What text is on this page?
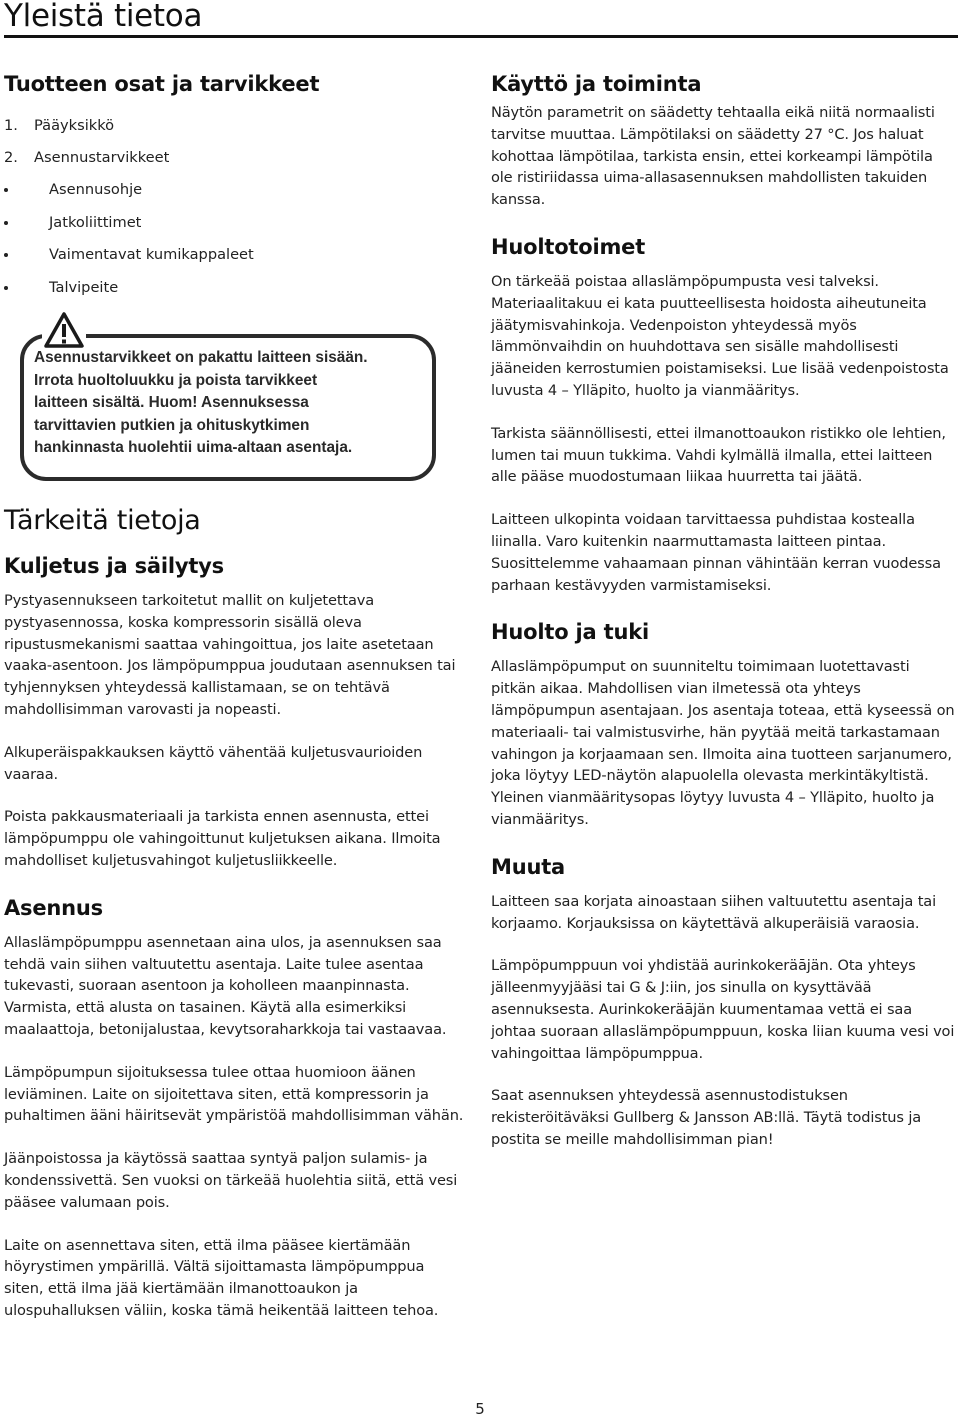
Yleistä tietoa
Tuotteen osat ja tarvikkeet
1. Pääyksikkö
2. Asennustarvikkeet
Asennusohje
Jatkoliittimet
Vaimentavat kumikappaleet
Talvipeite
Asennustarvikkeet on pakattu laitteen sisään.
Irrota huoltoluukku ja poista tarvikkeet
laitteen sisältä. Huom! Asennuksessa
tarvittavien putkien ja ohituskytkimen
hankinnasta huolehtii uima-altaan asentaja.
Tärkeitä tietoja
Kuljetus ja säilytys

Pystyasennukseen tarkoitetut mallit on kuljetettava pystyasennossa, koska kompressorin sisällä oleva ripustusmekanismi saattaa vahingoittua, jos laite asetetaan vaaka-asentoon. Jos lämpöpumppua joudutaan asennuksen tai tyhjennyksen yhteydessä kallistamaan, se on tehtävä mahdollisimman varovasti ja nopeasti.

Alkuperäispakkauksen käyttö vähentää kuljetusvaurioiden vaaraa.

Poista pakkausmateriaali ja tarkista ennen asennusta, ettei lämpöpumppu ole vahingoittunut kuljetuksen aikana. Ilmoita mahdolliset kuljetusvahingot kuljetusliikkeelle.

Asennus

Allaslämpöpumppu asennetaan aina ulos, ja asennuksen saa tehdä vain siihen valtuutettu asentaja. Laite tulee asentaa tukevasti, suoraan asentoon ja koholleen maanpinnasta. Varmista, että alusta on tasainen. Käytä alla esimerkiksi maalaattoja, betonijalustaa, kevytsoraharkkoja tai vastaavaa.

Lämpöpumpun sijoituksessa tulee ottaa huomioon äänen leviäminen. Laite on sijoitettava siten, että kompressorin ja puhaltimen ääni häiritsevät ympäristöä mahdollisimman vähän.

Jäänpoistossa ja käytössä saattaa syntyä paljon sulamis- ja kondenssivettä. Sen vuoksi on tärkeää huolehtia siitä, että vesi pääsee valumaan pois.

Laite on asennettava siten, että ilma pääsee kiertämään höyrystimen ympärillä. Vältä sijoittamasta lämpöpumppua siten, että ilma jää kiertämään ilmanottoaukon ja ulospuhalluksen väliin, koska tämä heikentää laitteen tehoa.

Käyttö ja toiminta

Näytön parametrit on säädetty tehtaalla eikä niitä normaalisti tarvitse muuttaa. Lämpötilaksi on säädetty 27 °C. Jos haluat kohottaa lämpötilaa, tarkista ensin, ettei korkeampi lämpötila ole ristiriidassa uima-allasasennuksen mahdollisten takuiden kanssa.

Huoltotoimet

On tärkeää poistaa allaslämpöpumpusta vesi talveksi. Materiaalitakuu ei kata puutteellisesta hoidosta aiheutuneita jäätymisvahinkoja. Vedenpoiston yhteydessä myös lämmönvaihdin on huuhdottava sen sisälle mahdollisesti jääneiden kerrostumien poistamiseksi. Lue lisää vedenpoistosta luvusta 4 – Ylläpito, huolto ja vianmääritys.

Tarkista säännöllisesti, ettei ilmanottoaukon ristikko ole lehtien, lumen tai muun tukkima. Vahdi kylmällä ilmalla, ettei laitteen alle pääse muodostumaan liikaa huurretta tai jäätä.

Laitteen ulkopinta voidaan tarvittaessa puhdistaa kostealla liinalla. Varo kuitenkin naarmuttamasta laitteen pintaa. Suosittelemme vahaamaan pinnan vähintään kerran vuodessa parhaan kestävyyden varmistamiseksi.

Huolto ja tuki

Allaslämpöpumput on suunniteltu toimimaan luotettavasti pitkän aikaa. Mahdollisen vian ilmetessä ota yhteys lämpöpumpun asentajaan. Jos asentaja toteaa, että kyseessä on materiaali- tai valmistusvirhe, hän pyytää meitä tarkastamaan vahingon ja korjaamaan sen. Ilmoita aina tuotteen sarjanumero, joka löytyy LED-näytön alapuolella olevasta merkintäkyltistä. Yleinen vianmääritysopas löytyy luvusta 4 – Ylläpito, huolto ja vianmääritys.

Muuta

Laitteen saa korjata ainoastaan siihen valtuutettu asentaja tai korjaamo. Korjauksissa on käytettävä alkuperäisiä varaosia.

Lämpöpumppuun voi yhdistää aurinkokeräājän. Ota yhteys jälleenmyyjääsi tai G & J:iin, jos sinulla on kysyttävää asennuksesta. Aurinkokeräājän kuumentamaa vettä ei saa johtaa suoraan allaslämpöpumppuun, koska liian kuuma vesi voi vahingoittaa lämpöpumppua.

Saat asennuksen yhteydessä asennustodistuksen rekisteröitäväksi Gullberg & Jansson AB:llä. Täytä todistus ja postita se meille mahdollisimman pian!

5
